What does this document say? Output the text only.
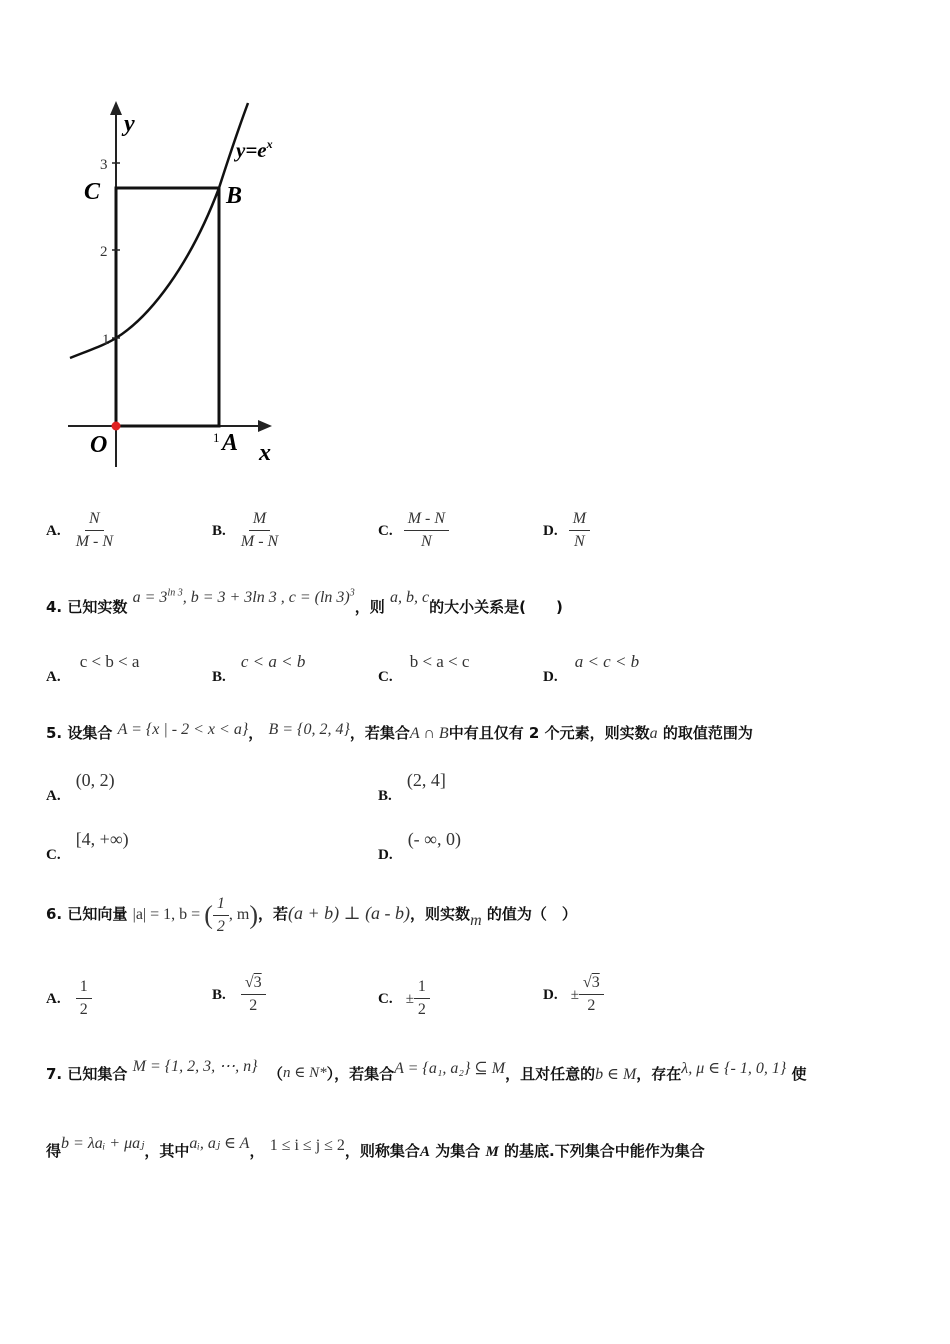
y
x
$y=e^x$
C	B
O	A
1
1
2
3
A. $\frac{N}{M - N}$	B. $\frac{M}{M - N}$	C. $\frac{M - N}{N}$	D. $\frac{M}{N}$
4. 已知实数 $a = 3^{ln 3}$, b = 3 + 3ln 3 , c = (ln 3)$^3$，则 a, b, c的大小关系是(　　)
A. c < b < a
B. c < a < b
C. b < a < c
D. a < c < b
5. 设集合 A = {x | - 2 < x < a}， B = {0, 2, 4}，若集合A ∩ B中有且仅有 2 个元素，则实数a 的取值范围为
A. (0, 2)
B. (2, 4]
C. [4, +∞)
D. (- ∞, 0)
6. 已知向量 |a| = 1, b = ( $\frac{1}{2}$ , m)，若(a + b) ⊥ (a - b)，则实数m 的值为（　）
A. $\frac{1}{2}$	B. $\frac{√3}{2}$	C. ± $\frac{1}{2}$	D. ± $\frac{√3}{2}$
7. 已知集合 M = {1, 2, 3, ⋯, n} （n ∈ N*），若集合A = {a₁, a₂} ⊆ M，且对任意的b ∈ M，存在λ, μ ∈ {- 1, 0, 1} 使
得b = λaᵢ + μaⱼ，其中aᵢ, aⱼ ∈ A， 1 ≤ i ≤ j ≤ 2，则称集合A 为集合 M 的基底.下列集合中能作为集合
